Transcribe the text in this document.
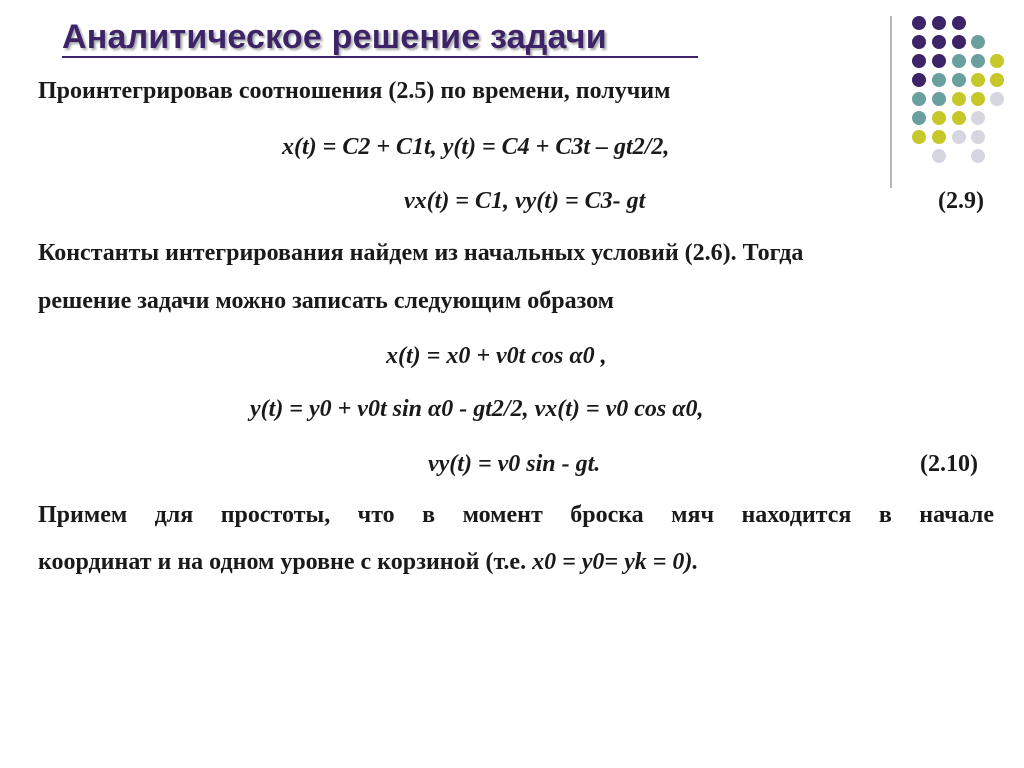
Аналитическое решение задачи

Проинтегрировав соотношения (2.5) по времени, получим

x(t) = C2 + C1t, y(t) = C4 + C3t – gt2/2,
vx(t) = C1, vy(t) = C3- gt	(2.9)

Константы интегрирования найдем из начальных условий (2.6). Тогда

решение задачи можно записать следующим образом

x(t) = x0 + v0t cos α0 ,
y(t) = y0 + v0t sin α0 - gt2/2, vx(t) = v0 cos α0,
vy(t) = v0 sin - gt.	(2.10)

Примем для простоты, что в момент броска мяч находится в начале

координат и на одном уровне с корзиной (т.е. x0 = y0= yk = 0).
